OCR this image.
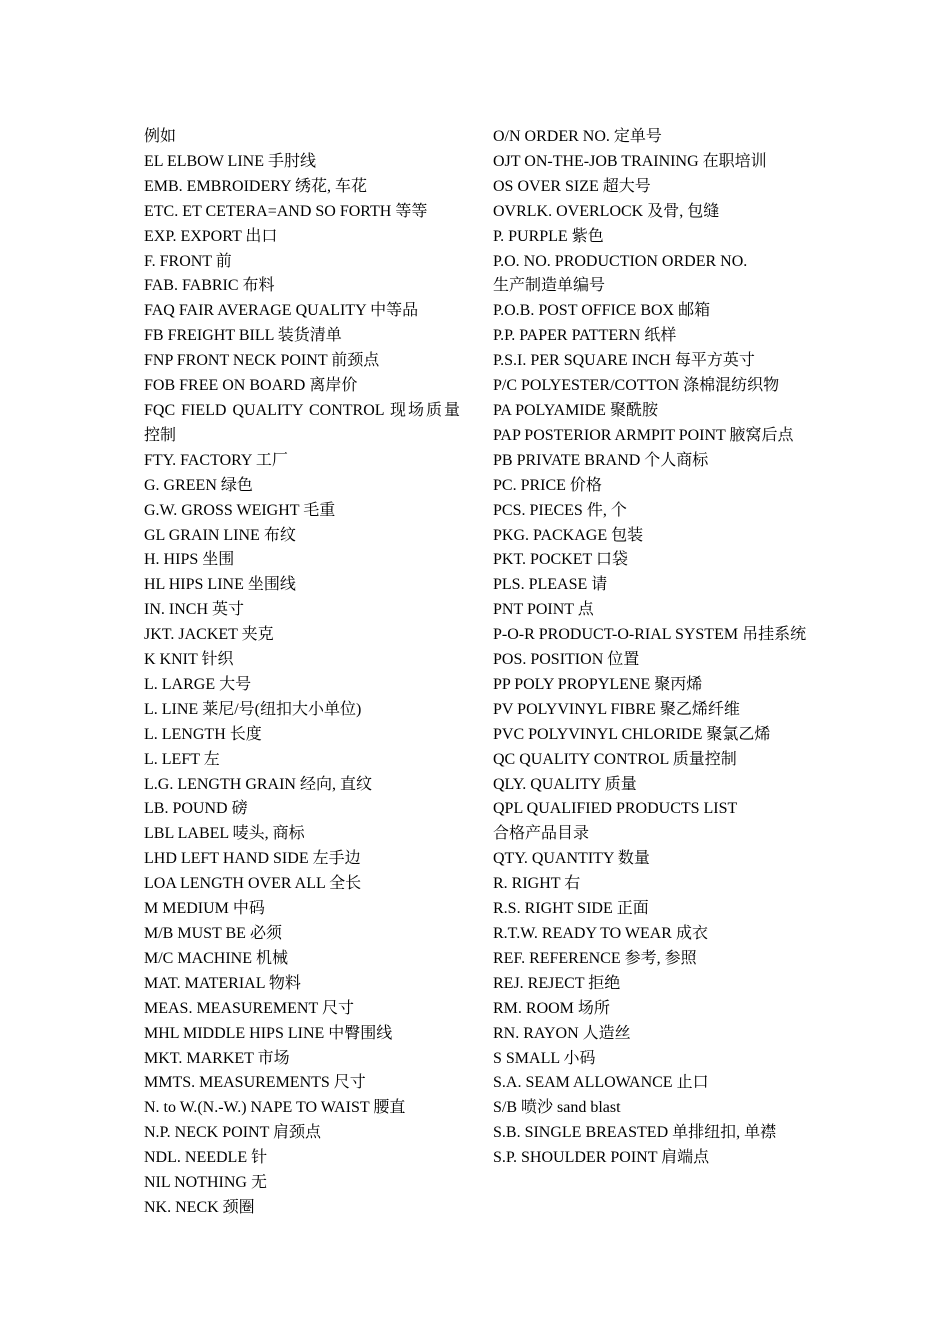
例如
EL ELBOW LINE 手肘线
EMB. EMBROIDERY 绣花, 车花
ETC. ET CETERA=AND SO FORTH 等等
EXP. EXPORT 出口
F. FRONT 前
FAB. FABRIC 布料
FAQ FAIR AVERAGE QUALITY 中等品
FB FREIGHT BILL 装货清单
FNP FRONT NECK POINT 前颈点
FOB FREE ON BOARD 离岸价
FQC FIELD QUALITY CONTROL 现场质量控制
FTY. FACTORY 工厂
G. GREEN 绿色
G.W. GROSS WEIGHT 毛重
GL GRAIN LINE 布纹
H. HIPS 坐围
HL HIPS LINE 坐围线
IN. INCH 英寸
JKT. JACKET 夹克
K KNIT 针织
L. LARGE 大号
L. LINE 莱尼/号(纽扣大小单位)
L. LENGTH 长度
L. LEFT 左
L.G. LENGTH GRAIN 经向, 直纹
LB. POUND 磅
LBL LABEL 唛头, 商标
LHD LEFT HAND SIDE 左手边
LOA LENGTH OVER ALL 全长
M MEDIUM 中码
M/B MUST BE 必须
M/C MACHINE 机械
MAT. MATERIAL 物料
MEAS. MEASUREMENT 尺寸
MHL MIDDLE HIPS LINE 中臀围线
MKT. MARKET 市场
MMTS. MEASUREMENTS 尺寸
N. to W.(N.-W.) NAPE TO WAIST 腰直
N.P. NECK POINT 肩颈点
NDL. NEEDLE 针
NIL NOTHING 无
NK. NECK 颈圈
O/N ORDER NO. 定单号
OJT ON-THE-JOB TRAINING 在职培训
OS OVER SIZE 超大号
OVRLK. OVERLOCK 及骨, 包缝
P. PURPLE 紫色
P.O. NO. PRODUCTION ORDER NO.
生产制造单编号
P.O.B. POST OFFICE BOX 邮箱
P.P. PAPER PATTERN 纸样
P.S.I. PER SQUARE INCH 每平方英寸
P/C POLYESTER/COTTON 涤棉混纺织物
PA POLYAMIDE 聚酰胺
PAP POSTERIOR ARMPIT POINT 腋窝后点
PB PRIVATE BRAND 个人商标
PC. PRICE 价格
PCS. PIECES 件, 个
PKG. PACKAGE 包装
PKT. POCKET 口袋
PLS. PLEASE 请
PNT POINT 点
P-O-R PRODUCT-O-RIAL SYSTEM 吊挂系统
POS. POSITION 位置
PP POLY PROPYLENE 聚丙烯
PV POLYVINYL FIBRE 聚乙烯纤维
PVC POLYVINYL CHLORIDE 聚氯乙烯
QC QUALITY CONTROL 质量控制
QLY. QUALITY 质量
QPL QUALIFIED PRODUCTS LIST
合格产品目录
QTY. QUANTITY 数量
R. RIGHT 右
R.S. RIGHT SIDE 正面
R.T.W. READY TO WEAR 成衣
REF. REFERENCE 参考, 参照
REJ. REJECT 拒绝
RM. ROOM 场所
RN. RAYON 人造丝
S SMALL 小码
S.A. SEAM ALLOWANCE 止口
S/B 喷沙 sand blast
S.B. SINGLE BREASTED 单排纽扣, 单襟
S.P. SHOULDER POINT 肩端点
